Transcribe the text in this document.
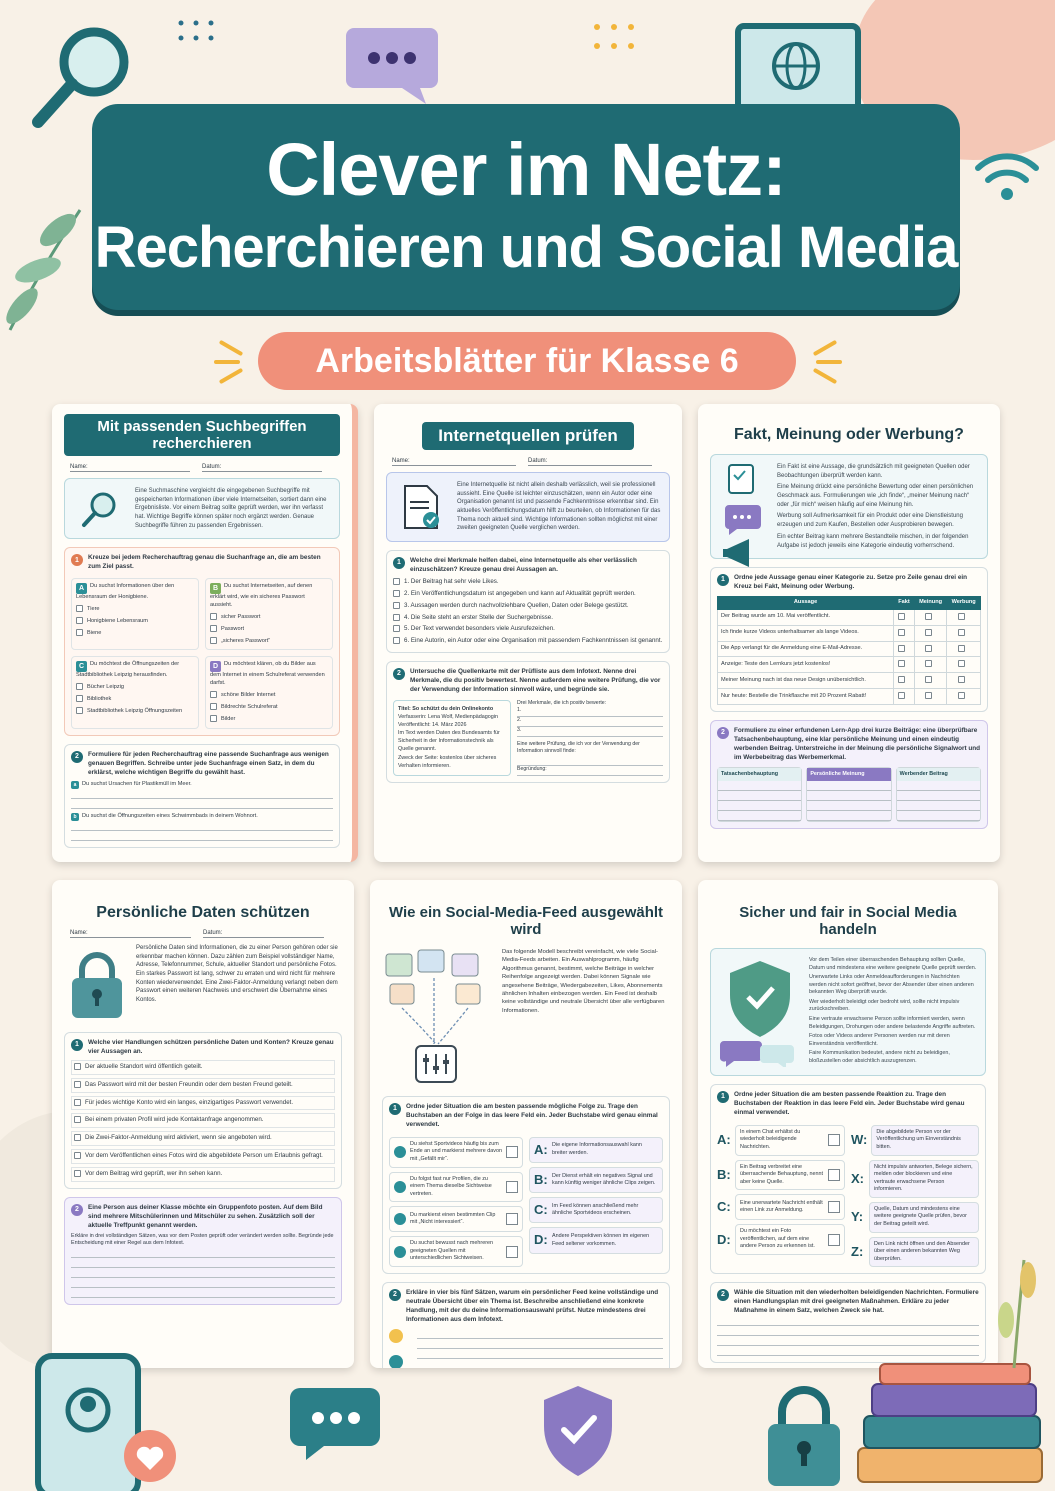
Clever im Netz:
Recherchieren und Social Media
Arbeitsblätter für Klasse 6
Mit passenden Suchbegriffen recherchieren
Name:	Datum:
Eine Suchmaschine vergleicht die eingegebenen Suchbegriffe mit gespeicherten Informationen über viele Internetseiten, sortiert dann eine Ergebnisliste. Vor einem Beitrag sollte geprüft werden, wer ihn verfasst hat. Wichtige Begriffe können später noch ergänzt werden. Genaue Suchbegriffe führen zu passenden Ergebnissen.
1	Kreuze bei jedem Recherchauftrag genau die Suchanfrage an, die am besten zum Ziel passt.
A Du suchst Informationen über den Lebensraum der Honigbiene.
Tiere
Honigbiene Lebensraum
Biene
B Du suchst Internetseiten, auf denen erklärt wird, wie ein sicheres Passwort aussieht.
sicher Passwort
Passwort
„sicheres Passwort“
C Du möchtest die Öffnungszeiten der Stadtbibliothek Leipzig herausfinden.
Bücher Leipzig
Bibliothek
Stadtbibliothek Leipzig Öffnungszeiten
D Du möchtest klären, ob du Bilder aus dem Internet in einem Schulreferat verwenden darfst.
schöne Bilder Internet
Bildrechte Schulreferat
Bilder
2	Formuliere für jeden Recherchauftrag eine passende Suchanfrage aus wenigen genauen Begriffen. Schreibe unter jede Suchanfrage einen Satz, in dem du erklärst, welche wichtigen Begriffe du gewählt hast.
a Du suchst Ursachen für Plastikmüll im Meer.
b Du suchst die Öffnungszeiten eines Schwimmbads in deinem Wohnort.
Internetquellen prüfen
Name:	Datum:
Eine Internetquelle ist nicht allein deshalb verlässlich, weil sie professionell aussieht. Eine Quelle ist leichter einzuschätzen, wenn ein Autor oder eine Organisation genannt ist und passende Fachkenntnisse erkennbar sind. Ein aktuelles Veröffentlichungsdatum hilft zu beurteilen, ob Informationen für das Thema noch aktuell sind. Wichtige Informationen sollten möglichst mit einer zweiten geeigneten Quelle verglichen werden.
1	Welche drei Merkmale helfen dabei, eine Internetquelle als eher verlässlich einzuschätzen? Kreuze genau drei Aussagen an.
1. Der Beitrag hat sehr viele Likes.
2. Ein Veröffentlichungsdatum ist angegeben und kann auf Aktualität geprüft werden.
3. Aussagen werden durch nachvollziehbare Quellen, Daten oder Belege gestützt.
4. Die Seite steht an erster Stelle der Suchergebnisse.
5. Der Text verwendet besonders viele Ausrufezeichen.
6. Eine Autorin, ein Autor oder eine Organisation mit passendem Fachkenntnissen ist genannt.
2	Untersuche die Quellenkarte mit der Prüfliste aus dem Infotext. Nenne drei Merkmale, die du positiv bewertest. Nenne außerdem eine weitere Prüfung, die vor der Verwendung der Information sinnvoll wäre, und begründe sie.
Titel: So schützt du dein Onlinekonto
Verfasserin: Lena Wolf, Medienpädagogin
Veröffentlicht: 14. März 2026
Im Text werden Daten des Bundesamts für Sicherheit in der Informationstechnik als Quelle genannt.
Zweck der Seite: kostenlos über sicheres Verhalten informieren.
Drei Merkmale, die ich positiv bewerte:
1.
2.
3.
Eine weitere Prüfung, die ich vor der Verwendung der Information sinnvoll finde:
Begründung:
Fakt, Meinung oder Werbung?
Ein Fakt ist eine Aussage, die grundsätzlich mit geeigneten Quellen oder Beobachtungen überprüft werden kann.
Eine Meinung drückt eine persönliche Bewertung oder einen persönlichen Geschmack aus. Formulierungen wie „ich finde“, „meiner Meinung nach“ oder „für mich“ weisen häufig auf eine Meinung hin.
Werbung soll Aufmerksamkeit für ein Produkt oder eine Dienstleistung erzeugen und zum Kaufen, Bestellen oder Ausprobieren bewegen.
Ein echter Beitrag kann mehrere Bestandteile mischen, in der folgenden Aufgabe ist jedoch jeweils eine Kategorie eindeutig vorherrschend.
1	Ordne jede Aussage genau einer Kategorie zu. Setze pro Zeile genau drei ein Kreuz bei Fakt, Meinung oder Werbung.
Aussage	Fakt	Meinung	Werbung
Der Beitrag wurde am 10. Mai veröffentlicht.			
Ich finde kurze Videos unterhaltsamer als lange Videos.			
Die App verlangt für die Anmeldung eine E-Mail-Adresse.			
Anzeige: Teste den Lernkurs jetzt kostenlos!			
Meiner Meinung nach ist das neue Design unübersichtlich.			
Nur heute: Bestelle die Trinkflasche mit 20 Prozent Rabatt!			
2	Formuliere zu einer erfundenen Lern-App drei kurze Beiträge: eine überprüfbare Tatsachenbehauptung, eine klar persönliche Meinung und einen eindeutig werbenden Beitrag. Unterstreiche in der Meinung die persönliche Signalwort und im Werbebeitrag das Werbemerkmal.
Tatsachenbehauptung	Persönliche Meinung	Werbender Beitrag
Persönliche Daten schützen
Name:	Datum:
Persönliche Daten sind Informationen, die zu einer Person gehören oder sie erkennbar machen können. Dazu zählen zum Beispiel vollständiger Name, Adresse, Telefonnummer, Schule, aktueller Standort und persönliche Fotos. Ein starkes Passwort ist lang, schwer zu erraten und wird nicht für mehrere Konten wiederverwendet. Eine Zwei-Faktor-Anmeldung verlangt neben dem Passwort einen weiteren Nachweis und erschwert die Übernahme eines Kontos.
1	Welche vier Handlungen schützen persönliche Daten und Konten? Kreuze genau vier Aussagen an.
Der aktuelle Standort wird öffentlich geteilt.
Das Passwort wird mit der besten Freundin oder dem besten Freund geteilt.
Für jedes wichtige Konto wird ein langes, einzigartiges Passwort verwendet.
Bei einem privaten Profil wird jede Kontaktanfrage angenommen.
Die Zwei-Faktor-Anmeldung wird aktiviert, wenn sie angeboten wird.
Vor dem Veröffentlichen eines Fotos wird die abgebildete Person um Erlaubnis gefragt.
Vor dem Beitrag wird geprüft, wer ihn sehen kann.
2	Eine Person aus deiner Klasse möchte ein Gruppenfoto posten. Auf dem Bild sind mehrere Mitschülerinnen und Mitschüler zu sehen. Zusätzlich soll der aktuelle Treffpunkt genannt werden.
Erkläre in drei vollständigen Sätzen, was vor dem Posten geprüft oder verändert werden sollte. Begründe jede Entscheidung mit einer Regel aus dem Infotext.
Wie ein Social-Media-Feed ausgewählt wird
Das folgende Modell beschreibt vereinfacht, wie viele Social-Media-Feeds arbeiten. Ein Auswahlprogramm, häufig Algorithmus genannt, bestimmt, welche Beiträge in welcher Reihenfolge angezeigt werden. Dabei können Signale wie angesehene Beiträge, Wiedergabezeiten, Likes, Abonnements ähnlichen Inhalten einbezogen werden. Ein Feed ist deshalb keine vollständige und neutrale Übersicht über alle verfügbaren Informationen.
1	Ordne jeder Situation die am besten passende mögliche Folge zu. Trage den Buchstaben an der Folge in das leere Feld ein. Jeder Buchstabe wird genau einmal verwendet.
Du siehst Sportvideos häufig bis zum Ende an und markierst mehrere davon mit „Gefällt mir“.
Du folgst fast nur Profilen, die zu einem Thema dieselbe Sichtweise vertreten.
Du markierst einen bestimmten Clip mit „Nicht interessiert“.
Du suchst bewusst nach mehreren geeigneten Quellen mit unterschiedlichen Sichtweisen.
A: Die eigene Informationsauswahl kann breiter werden.
B: Der Dienst erhält ein negatives Signal und kann künftig weniger ähnliche Clips zeigen.
C: Im Feed können anschließend mehr ähnliche Sportvideos erscheinen.
D: Andere Perspektiven können im eigenen Feed seltener vorkommen.
2	Erkläre in vier bis fünf Sätzen, warum ein persönlicher Feed keine vollständige und neutrale Übersicht über ein Thema ist. Beschreibe anschließend eine konkrete Handlung, mit der du deine Informationsauswahl prüfst. Nutze mindestens drei Informationen aus dem Infotext.
Sicher und fair in Social Media handeln
Vor dem Teilen einer überraschenden Behauptung sollten Quelle, Datum und mindestens eine weitere geeignete Quelle geprüft werden.
Unerwartete Links oder Anmeldeaufforderungen in Nachrichten werden nicht sofort geöffnet, bevor der Absender über einen anderen bekannten Weg überprüft wurde.
Wer wiederholt beleidigt oder bedroht wird, sollte nicht impulsiv zurückschreiben.
Eine vertraute erwachsene Person sollte informiert werden, wenn Beleidigungen, Drohungen oder andere belastende Angriffe auftreten.
Fotos oder Videos anderer Personen werden nur mit deren Einverständnis veröffentlicht.
Faire Kommunikation bedeutet, andere nicht zu beleidigen, bloßzustellen oder absichtlich auszugrenzen.
1	Ordne jeder Situation die am besten passende Reaktion zu. Trage den Buchstaben der Reaktion in das leere Feld ein. Jeder Buchstabe wird genau einmal verwendet.
A:
In einem Chat erhältst du wiederholt beleidigende Nachrichten.
B:
Ein Beitrag verbreitet eine überraschende Behauptung, nennt aber keine Quelle.
C: Eine unerwartete Nachricht enthält einen Link zur Anmeldung.
D:
Du möchtest ein Foto veröffentlichen, auf dem eine andere Person zu erkennen ist.
W:
Die abgebildete Person vor der Veröffentlichung um Einverständnis bitten.
X:
Nicht impulsiv antworten, Belege sichern, melden oder blockieren und eine vertraute erwachsene Person informieren.
Y:
Quelle, Datum und mindestens eine weitere geeignete Quelle prüfen, bevor der Beitrag geteilt wird.
Z:
Den Link nicht öffnen und den Absender über einen anderen bekannten Weg überprüfen.
2	Wähle die Situation mit den wiederholten beleidigenden Nachrichten. Formuliere einen Handlungsplan mit drei geeigneten Maßnahmen. Erkläre zu jeder Maßnahme in einem Satz, welchen Zweck sie hat.
